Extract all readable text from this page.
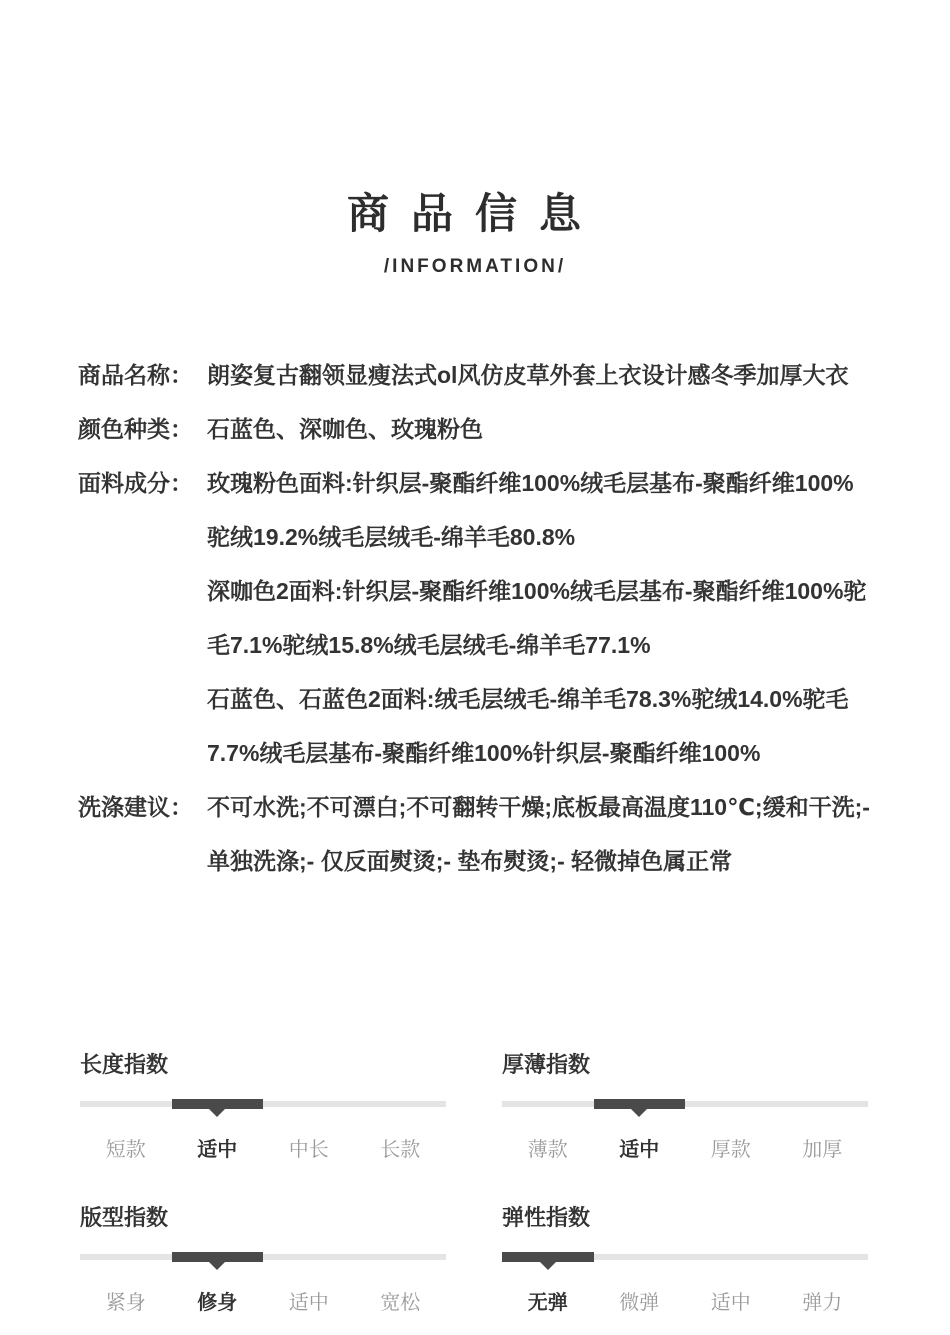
商品信息
/INFORMATION/
商品名称： 朗姿复古翻领显瘦法式ol风仿皮草外套上衣设计感冬季加厚大衣

颜色种类： 石蓝色、深咖色、玫瑰粉色

面料成分： 玫瑰粉色面料:针织层-聚酯纤维100%绒毛层基布-聚酯纤维100%驼绒19.2%绒毛层绒毛-绵羊毛80.8%

深咖色2面料:针织层-聚酯纤维100%绒毛层基布-聚酯纤维100%驼毛7.1%驼绒15.8%绒毛层绒毛-绵羊毛77.1%

石蓝色、石蓝色2面料:绒毛层绒毛-绵羊毛78.3%驼绒14.0%驼毛7.7%绒毛层基布-聚酯纤维100%针织层-聚酯纤维100%

洗涤建议： 不可水洗;不可漂白;不可翻转干燥;底板最高温度110℃;缓和干洗;- 单独洗涤;- 仅反面熨烫;- 垫布熨烫;- 轻微掉色属正常

长度指数
短款	适中	中长	长款
厚薄指数
薄款	适中	厚款	加厚
版型指数
紧身	修身	适中	宽松
弹性指数
无弹	微弹	适中	弹力
